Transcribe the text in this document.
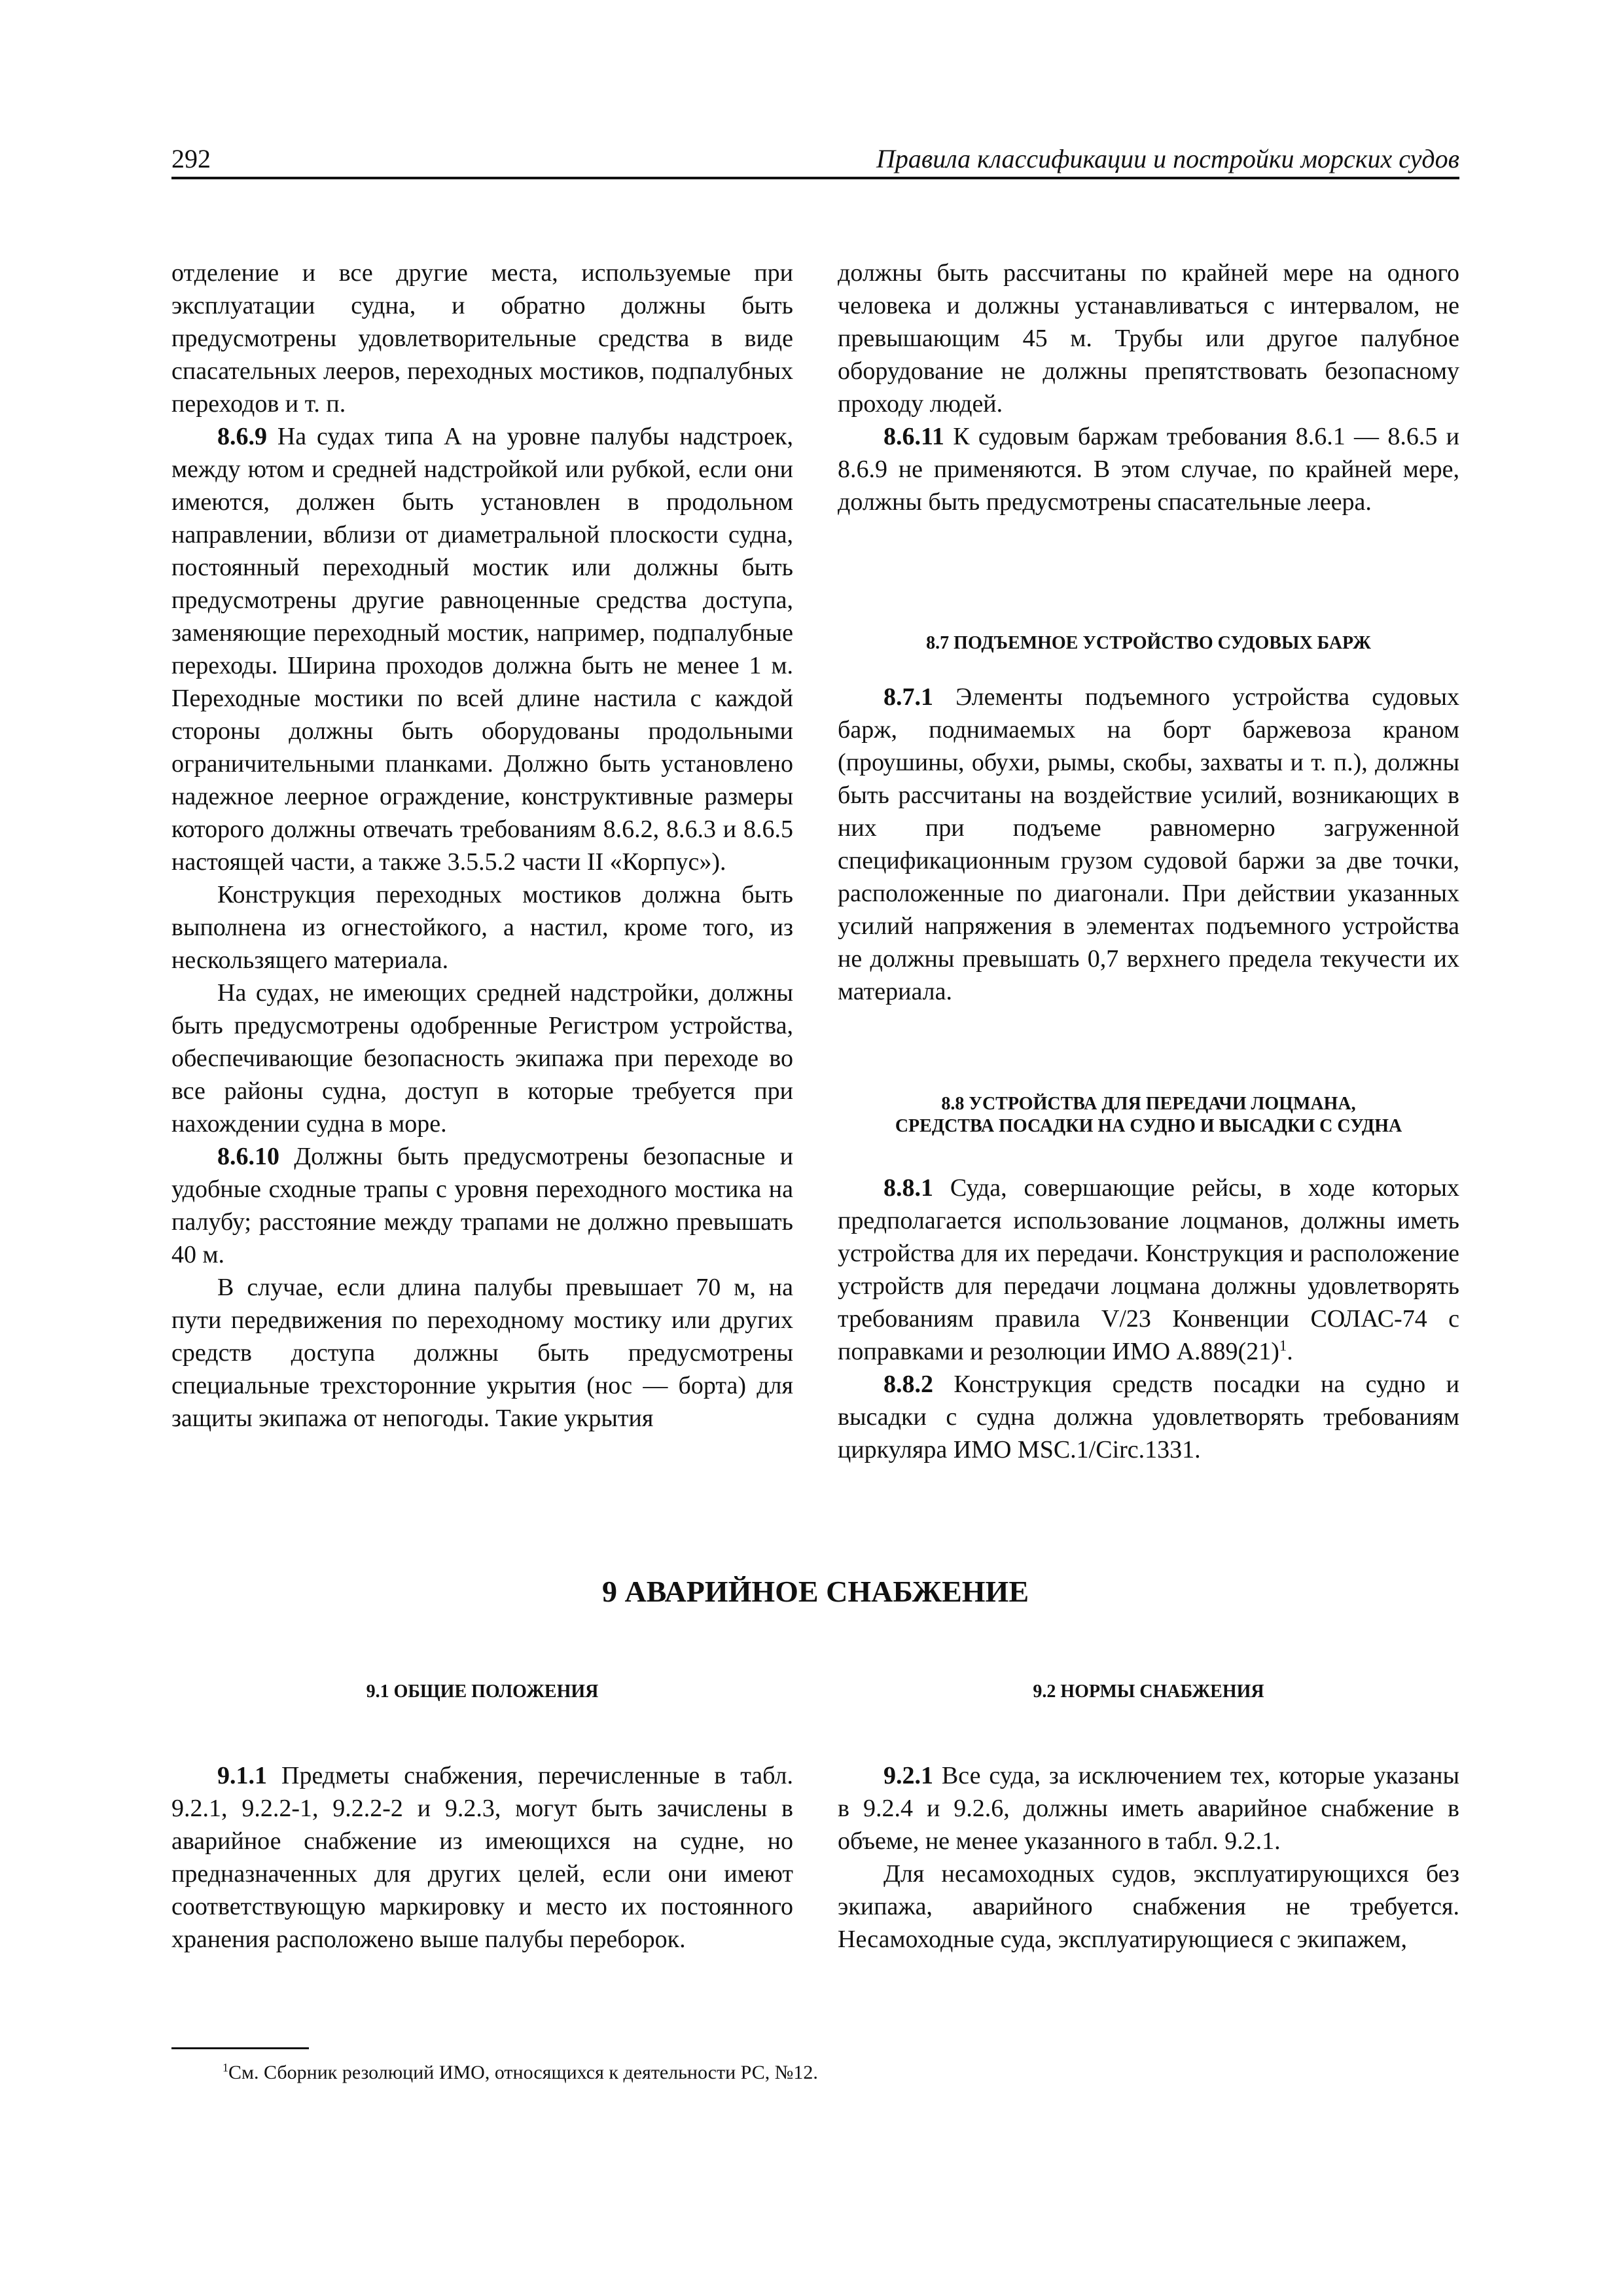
292	Правила классификации и постройки морских судов

отделение и все другие места, используемые при эксплуатации судна, и обратно должны быть предусмотрены удовлетворительные средства в виде спасательных лееров, переходных мостиков, подпалубных переходов и т. п.

8.6.9 На судах типа А на уровне палубы надстроек, между ютом и средней надстройкой или рубкой, если они имеются, должен быть установлен в продольном направлении, вблизи от диаметральной плоскости судна, постоянный переходный мостик или должны быть предусмотрены другие равноценные средства доступа, заменяющие переходный мостик, например, подпалубные переходы. Ширина проходов должна быть не менее 1 м. Переходные мостики по всей длине настила с каждой стороны должны быть оборудованы продольными ограничительными планками. Должно быть установлено надежное леерное ограждение, конструктивные размеры которого должны отвечать требованиям 8.6.2, 8.6.3 и 8.6.5 настоящей части, а также 3.5.5.2 части II «Корпус»).

Конструкция переходных мостиков должна быть выполнена из огнестойкого, а настил, кроме того, из нескользящего материала.

На судах, не имеющих средней надстройки, должны быть предусмотрены одобренные Регистром устройства, обеспечивающие безопасность экипажа при переходе во все районы судна, доступ в которые требуется при нахождении судна в море.

8.6.10 Должны быть предусмотрены безопасные и удобные сходные трапы с уровня переходного мостика на палубу; расстояние между трапами не должно превышать 40 м.

В случае, если длина палубы превышает 70 м, на пути передвижения по переходному мостику или других средств доступа должны быть предусмотрены специальные трехсторонние укрытия (нос — борта) для защиты экипажа от непогоды. Такие укрытия

должны быть рассчитаны по крайней мере на одного человека и должны устанавливаться с интервалом, не превышающим 45 м. Трубы или другое палубное оборудование не должны препятствовать безопасному проходу людей.

8.6.11 К судовым баржам требования 8.6.1 — 8.6.5 и 8.6.9 не применяются. В этом случае, по крайней мере, должны быть предусмотрены спасательные леера.

8.7 ПОДЪЕМНОЕ УСТРОЙСТВО СУДОВЫХ БАРЖ

8.7.1 Элементы подъемного устройства судовых барж, поднимаемых на борт баржевоза краном (проушины, обухи, рымы, скобы, захваты и т. п.), должны быть рассчитаны на воздействие усилий, возникающих в них при подъеме равномерно загруженной спецификационным грузом судовой баржи за две точки, расположенные по диагонали. При действии указанных усилий напряжения в элементах подъемного устройства не должны превышать 0,7 верхнего предела текучести их материала.

8.8 УСТРОЙСТВА ДЛЯ ПЕРЕДАЧИ ЛОЦМАНА,
СРЕДСТВА ПОСАДКИ НА СУДНО И ВЫСАДКИ С СУДНА

8.8.1 Суда, совершающие рейсы, в ходе которых предполагается использование лоцманов, должны иметь устройства для их передачи. Конструкция и расположение устройств для передачи лоцмана должны удовлетворять требованиям правила V/23 Конвенции СОЛАС-74 с поправками и резолюции ИМО $А.889(21)^1$.

8.8.2 Конструкция средств посадки на судно и высадки с судна должна удовлетворять требованиям циркуляра ИМО MSC.1/Circ.1331.

9 АВАРИЙНОЕ СНАБЖЕНИЕ
9.1 ОБЩИЕ ПОЛОЖЕНИЯ	9.2 НОРМЫ СНАБЖЕНИЯ

9.1.1 Предметы снабжения, перечисленные в табл. 9.2.1, 9.2.2-1, 9.2.2-2 и 9.2.3, могут быть зачислены в аварийное снабжение из имеющихся на судне, но предназначенных для других целей, если они имеют соответствующую маркировку и место их постоянного хранения расположено выше палубы переборок.

9.2.1 Все суда, за исключением тех, которые указаны в 9.2.4 и 9.2.6, должны иметь аварийное снабжение в объеме, не менее указанного в табл. 9.2.1.

Для несамоходных судов, эксплуатирующихся без экипажа, аварийного снабжения не требуется. Несамоходные суда, эксплуатирующиеся с экипажем,

$^1$См. Сборник резолюций ИМО, относящихся к деятельности РС, №12.
